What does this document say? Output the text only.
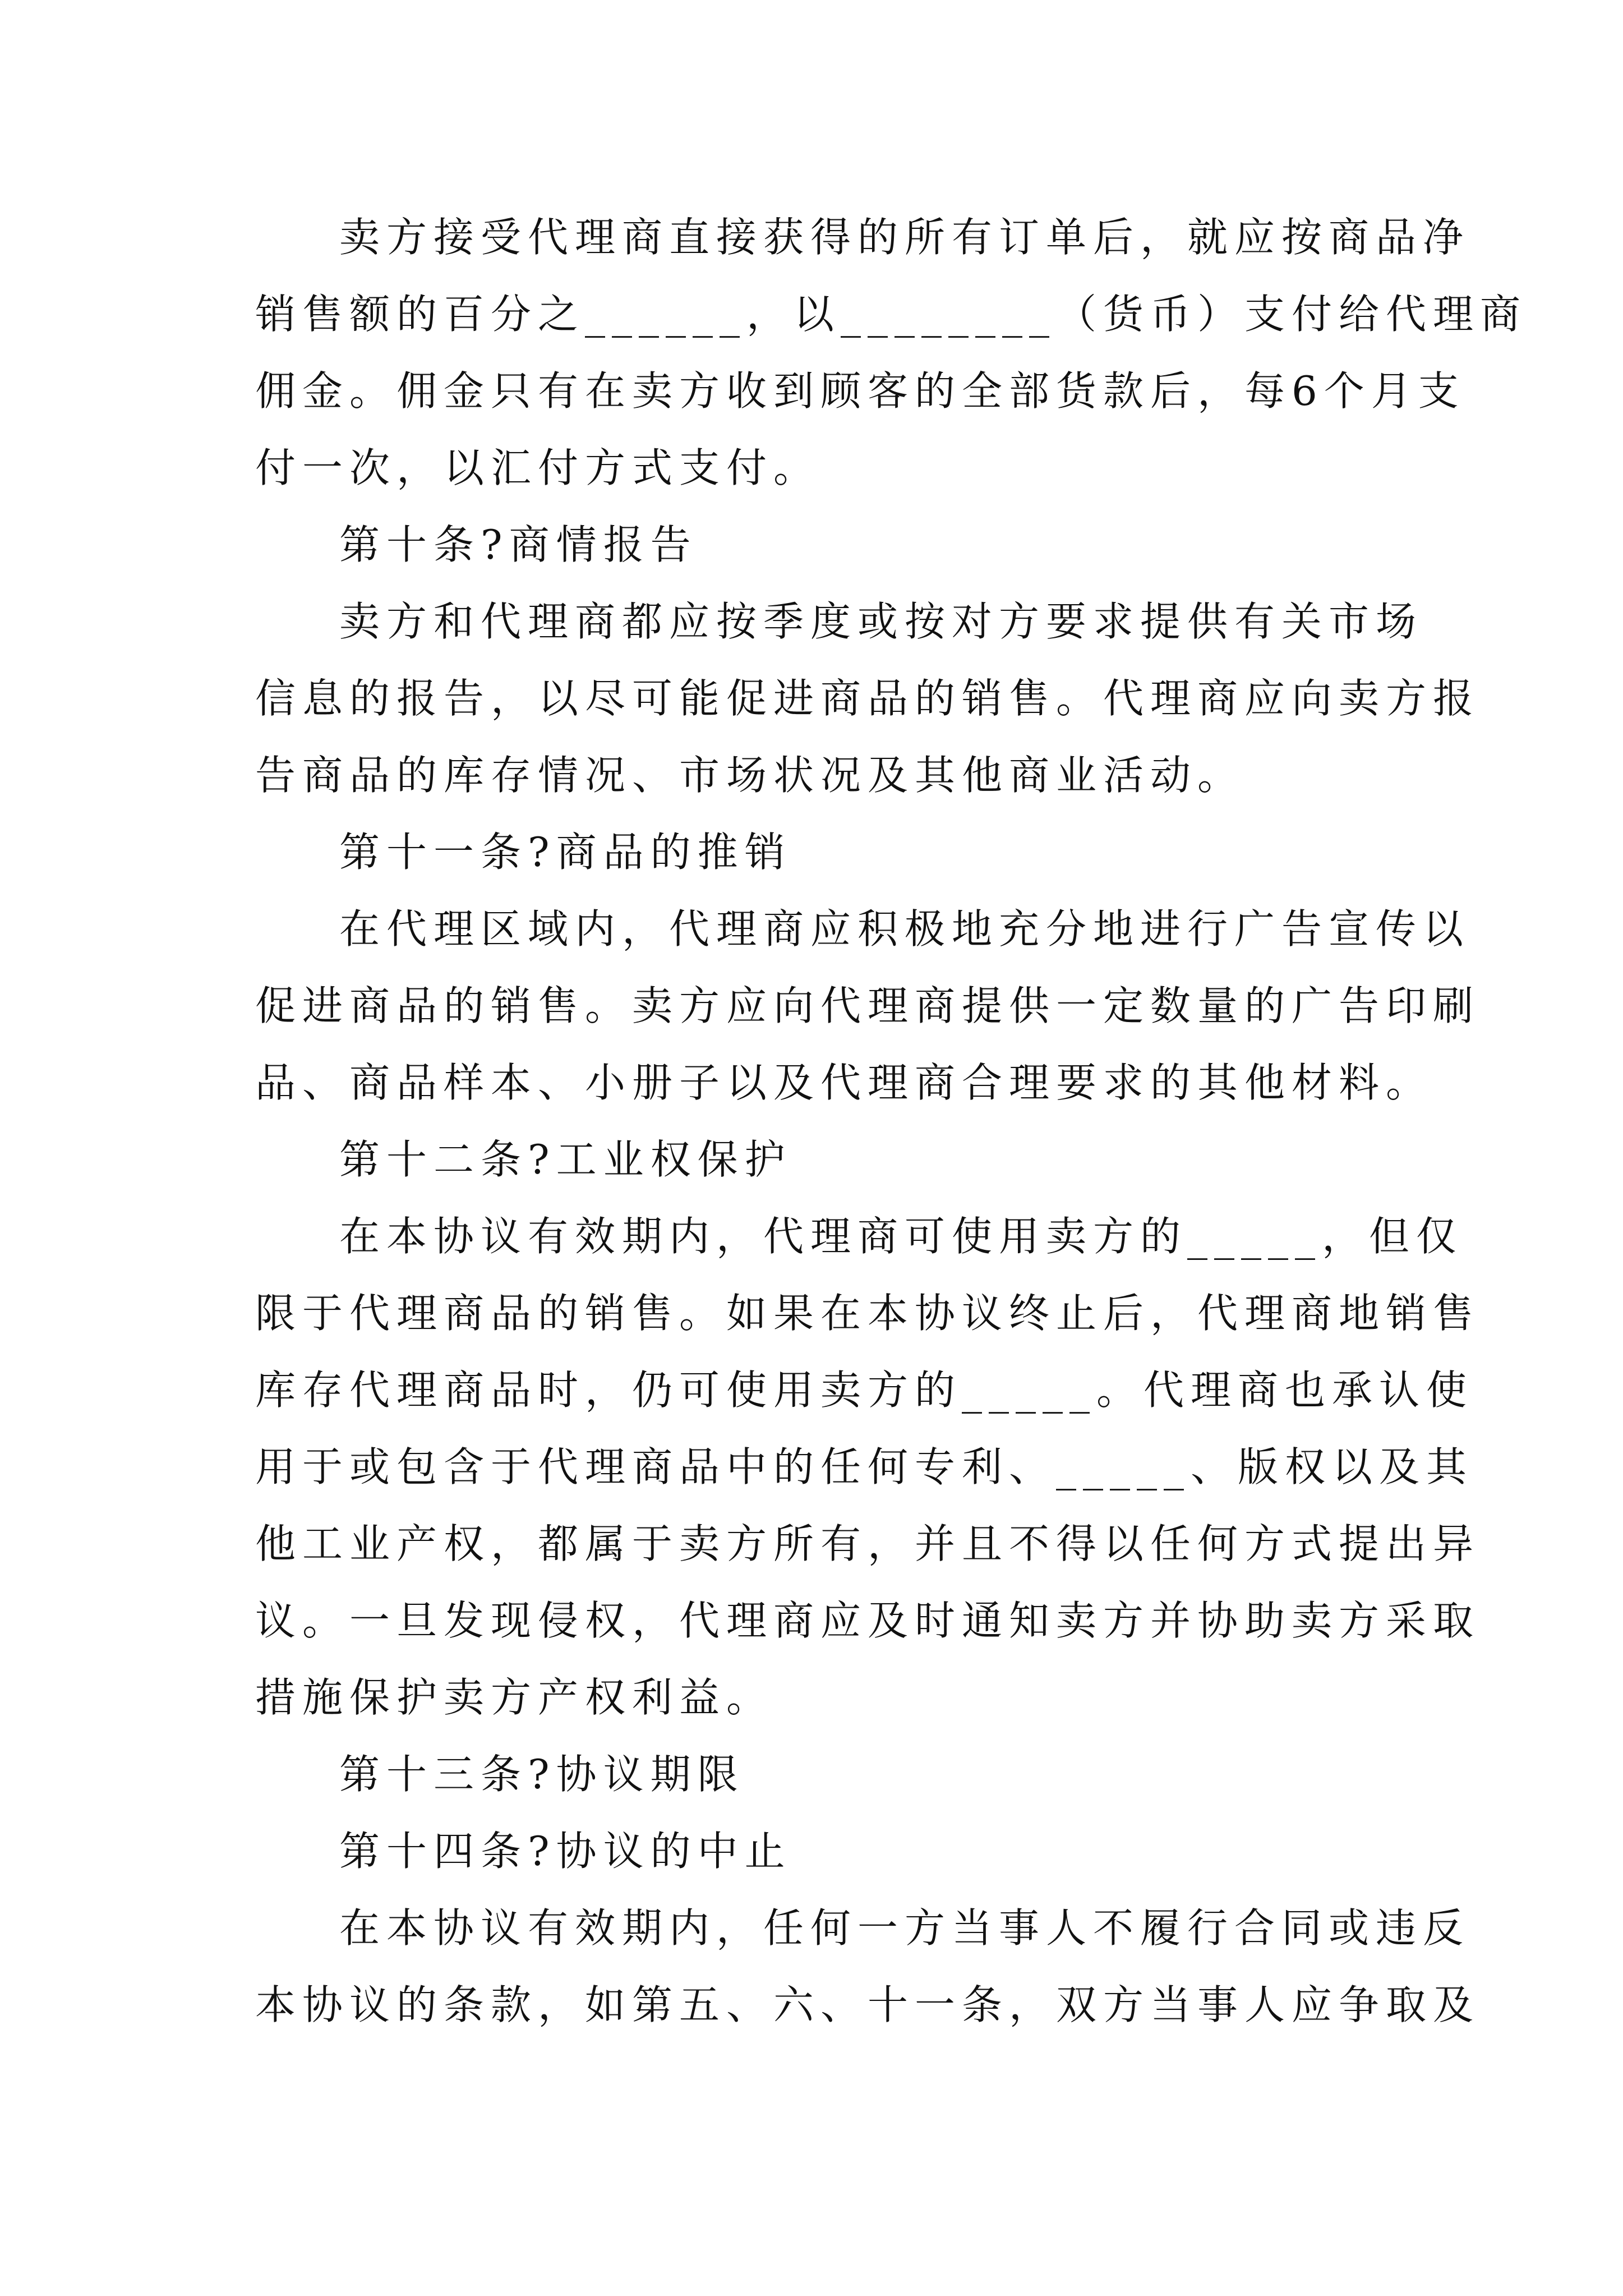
卖方接受代理商直接获得的所有订单后，就应按商品净
销售额的百分之______，以________（货币）支付给代理商
佣金。佣金只有在卖方收到顾客的全部货款后，每6个月支
付一次，以汇付方式支付。
第十条?商情报告
卖方和代理商都应按季度或按对方要求提供有关市场
信息的报告，以尽可能促进商品的销售。代理商应向卖方报
告商品的库存情况、市场状况及其他商业活动。
第十一条?商品的推销
在代理区域内，代理商应积极地充分地进行广告宣传以
促进商品的销售。卖方应向代理商提供一定数量的广告印刷
品、商品样本、小册子以及代理商合理要求的其他材料。
第十二条?工业权保护
在本协议有效期内，代理商可使用卖方的_____，但仅
限于代理商品的销售。如果在本协议终止后，代理商地销售
库存代理商品时，仍可使用卖方的_____。代理商也承认使
用于或包含于代理商品中的任何专利、_____、版权以及其
他工业产权，都属于卖方所有，并且不得以任何方式提出异
议。一旦发现侵权，代理商应及时通知卖方并协助卖方采取
措施保护卖方产权利益。
第十三条?协议期限
第十四条?协议的中止
在本协议有效期内，任何一方当事人不履行合同或违反
本协议的条款，如第五、六、十一条，双方当事人应争取及
